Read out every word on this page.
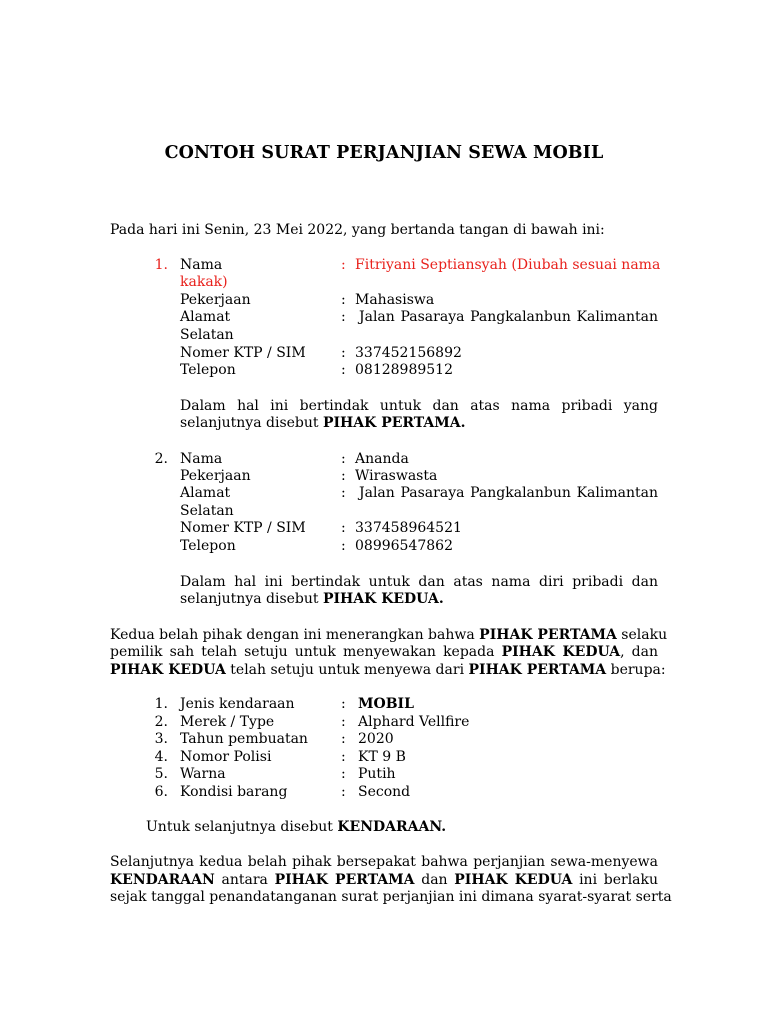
CONTOH SURAT PERJANJIAN SEWA MOBIL
Pada hari ini Senin, 23 Mei 2022, yang bertanda tangan di bawah ini:
1. Nama	: Fitriyani Septiansyah (Diubah sesuai nama
kakak)
Pekerjaan	: Mahasiswa
Alamat	: Jalan Pasaraya Pangkalanbun Kalimantan
Selatan
Nomer KTP / SIM	: 337452156892
Telepon	: 08128989512
Dalam hal ini bertindak untuk dan atas nama pribadi yang
selanjutnya disebut PIHAK PERTAMA.
2. Nama	: Ananda
Pekerjaan	: Wiraswasta
Alamat	: Jalan Pasaraya Pangkalanbun Kalimantan
Selatan
Nomer KTP / SIM	: 337458964521
Telepon	: 08996547862
Dalam hal ini bertindak untuk dan atas nama diri pribadi dan
selanjutnya disebut PIHAK KEDUA.
Kedua belah pihak dengan ini menerangkan bahwa PIHAK PERTAMA selaku
pemilik sah telah setuju untuk menyewakan kepada PIHAK KEDUA, dan
PIHAK KEDUA telah setuju untuk menyewa dari PIHAK PERTAMA berupa:
1. Jenis kendaraan	: MOBIL
2. Merek / Type	: Alphard Vellfire
3. Tahun pembuatan : 2020
4. Nomor Polisi	: KT 9 B
5. Warna	: Putih
6. Kondisi barang	: Second
Untuk selanjutnya disebut KENDARAAN.
Selanjutnya kedua belah pihak bersepakat bahwa perjanjian sewa-menyewa
KENDARAAN antara PIHAK PERTAMA dan PIHAK KEDUA ini berlaku
sejak tanggal penandatanganan surat perjanjian ini dimana syarat-syarat serta
